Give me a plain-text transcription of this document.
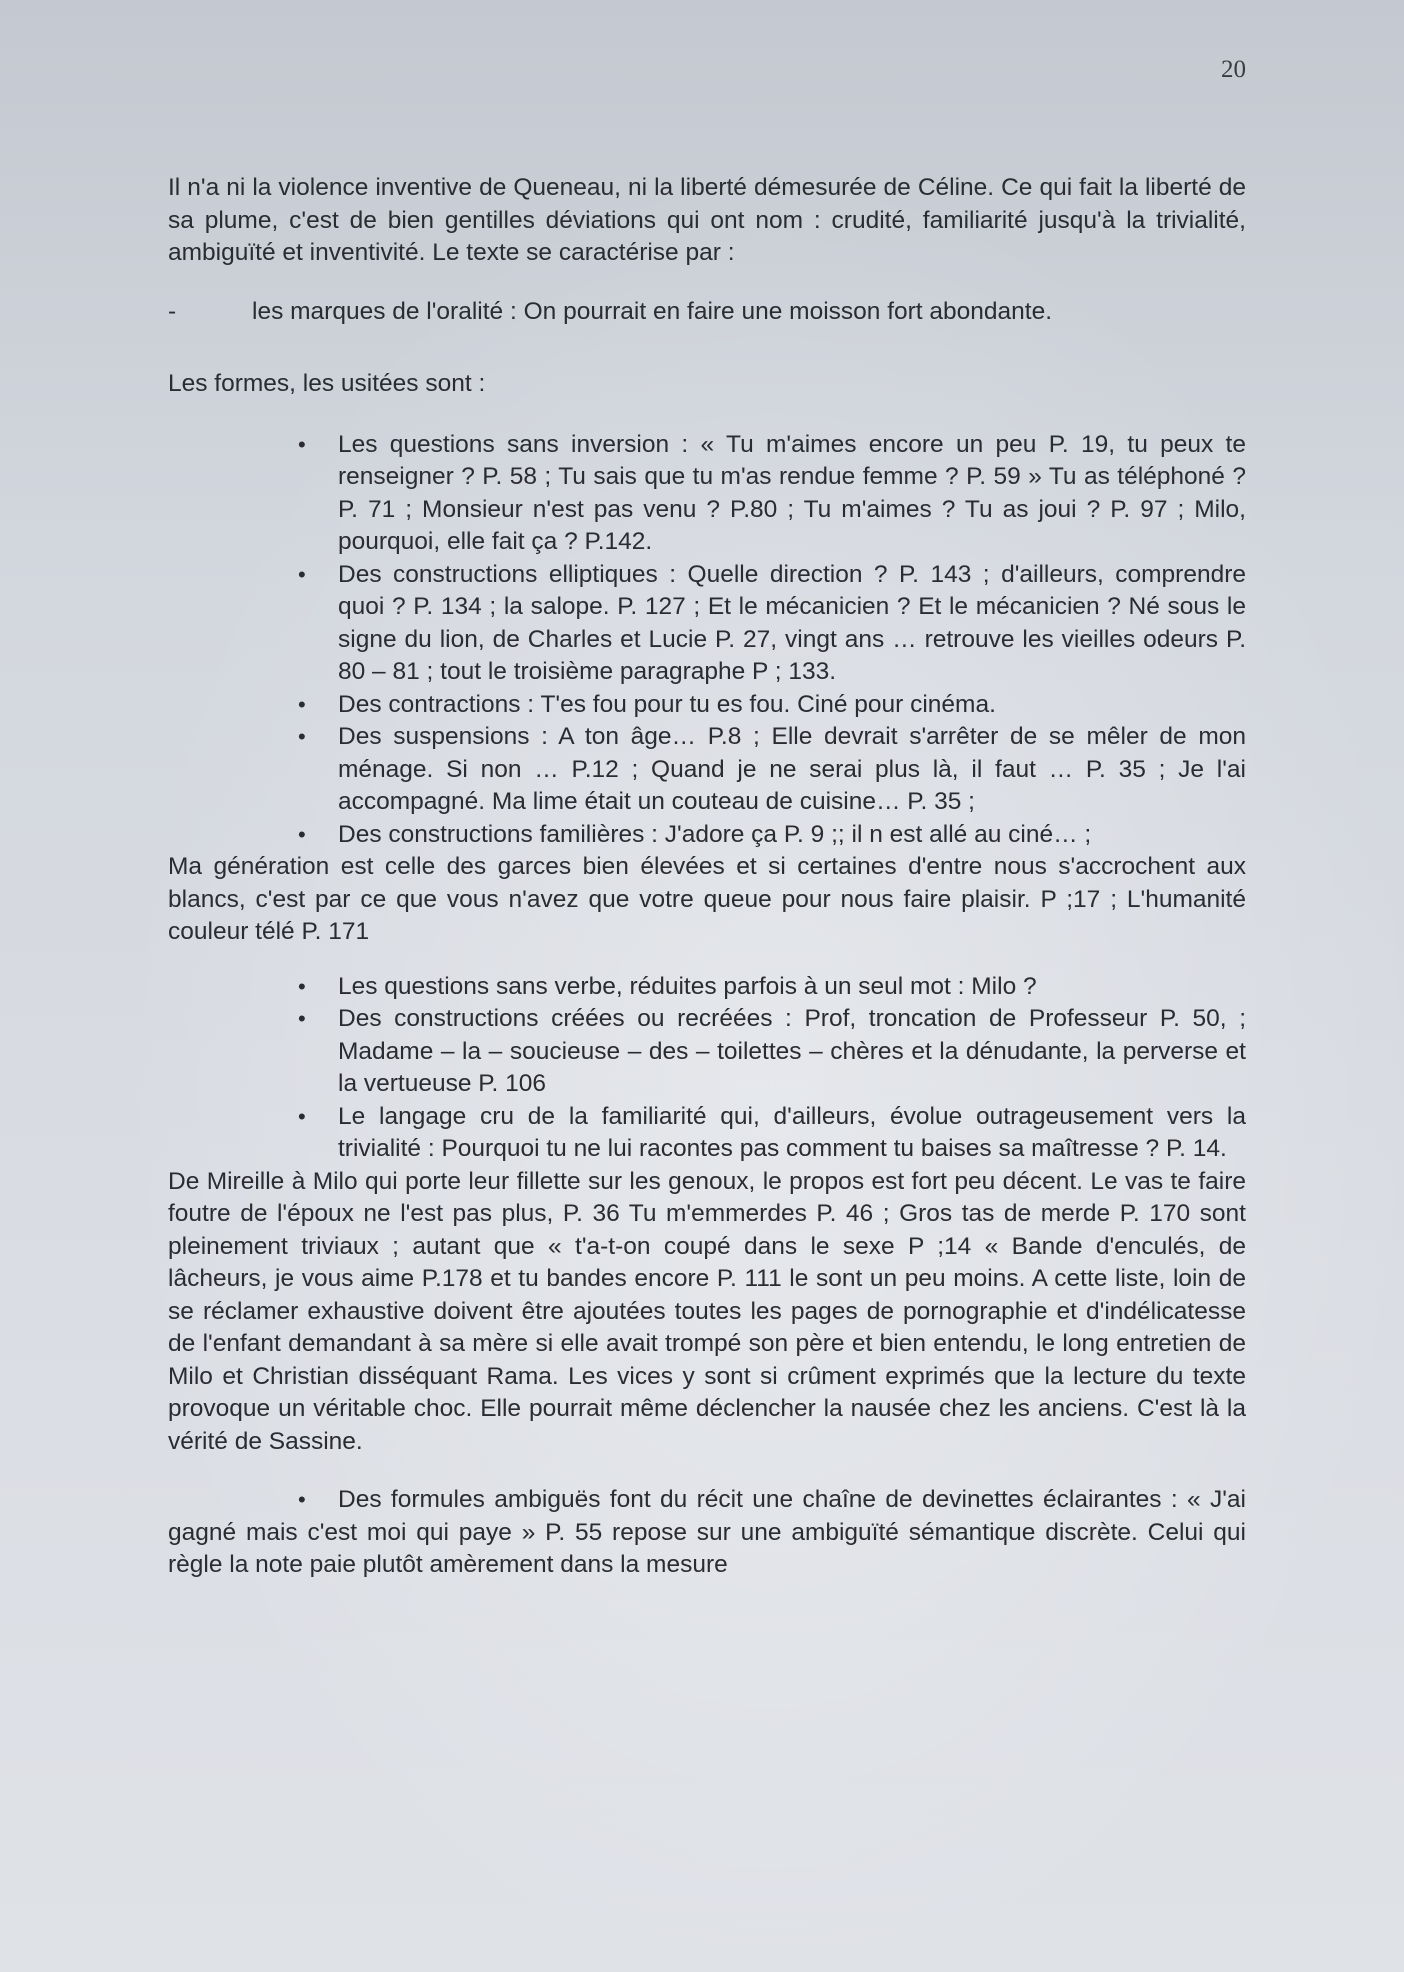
20

Il n'a ni la violence inventive de Queneau, ni la liberté démesurée de Céline. Ce qui fait la liberté de sa plume, c'est de bien gentilles déviations qui ont nom : crudité, familiarité jusqu'à la trivialité, ambiguïté et inventivité. Le texte se caractérise par :

-	les marques de l'oralité : On pourrait en faire une moisson fort abondante.

Les formes, les usitées sont :

• Les questions sans inversion : « Tu m'aimes encore un peu P. 19, tu peux te renseigner ? P. 58 ; Tu sais que tu m'as rendue femme ? P. 59 » Tu as téléphoné ? P. 71 ; Monsieur n'est pas venu ? P.80 ; Tu m'aimes ? Tu as joui ? P. 97 ; Milo, pourquoi, elle fait ça ? P.142.
• Des constructions elliptiques : Quelle direction ? P. 143 ; d'ailleurs, comprendre quoi ? P. 134 ; la salope. P. 127 ; Et le mécanicien ? Et le mécanicien ? Né sous le signe du lion, de Charles et Lucie P. 27, vingt ans … retrouve les vieilles odeurs P. 80 – 81 ; tout le troisième paragraphe P ; 133.
• Des contractions : T'es fou pour tu es fou. Ciné pour cinéma.
• Des suspensions : A ton âge… P.8 ; Elle devrait s'arrêter de se mêler de mon ménage. Si non … P.12 ; Quand je ne serai plus là, il faut … P. 35 ; Je l'ai accompagné. Ma lime était un couteau de cuisine… P. 35 ;
• Des constructions familières : J'adore ça P. 9 ;; il n est allé au ciné… ;

Ma génération est celle des garces bien élevées et si certaines d'entre nous s'accrochent aux blancs, c'est par ce que vous n'avez que votre queue pour nous faire plaisir. P ;17 ; L'humanité couleur télé P. 171

• Les questions sans verbe, réduites parfois à un seul mot : Milo ?
• Des constructions créées ou recréées : Prof, troncation de Professeur P. 50, ; Madame – la – soucieuse – des – toilettes – chères et la dénudante, la perverse et la vertueuse P. 106
• Le langage cru de la familiarité qui, d'ailleurs, évolue outrageusement vers la trivialité : Pourquoi tu ne lui racontes pas comment tu baises sa maîtresse ? P. 14.

De Mireille à Milo qui porte leur fillette sur les genoux, le propos est fort peu décent. Le vas te faire foutre de l'époux ne l'est pas plus, P. 36 Tu m'emmerdes P. 46 ; Gros tas de merde P. 170 sont pleinement triviaux ; autant que « t'a-t-on coupé dans le sexe P ;14 « Bande d'enculés, de lâcheurs, je vous aime P.178 et tu bandes encore P. 111 le sont un peu moins. A cette liste, loin de se réclamer exhaustive doivent être ajoutées toutes les pages de pornographie et d'indélicatesse de l'enfant demandant à sa mère si elle avait trompé son père et bien entendu, le long entretien de Milo et Christian disséquant Rama. Les vices y sont si crûment exprimés que la lecture du texte provoque un véritable choc. Elle pourrait même déclencher la nausée chez les anciens. C'est là la vérité de Sassine.

• Des formules ambiguës font du récit une chaîne de devinettes éclairantes : « J'ai gagné mais c'est moi qui paye » P. 55 repose sur une ambiguïté sémantique discrète. Celui qui règle la note paie plutôt amèrement dans la mesure
